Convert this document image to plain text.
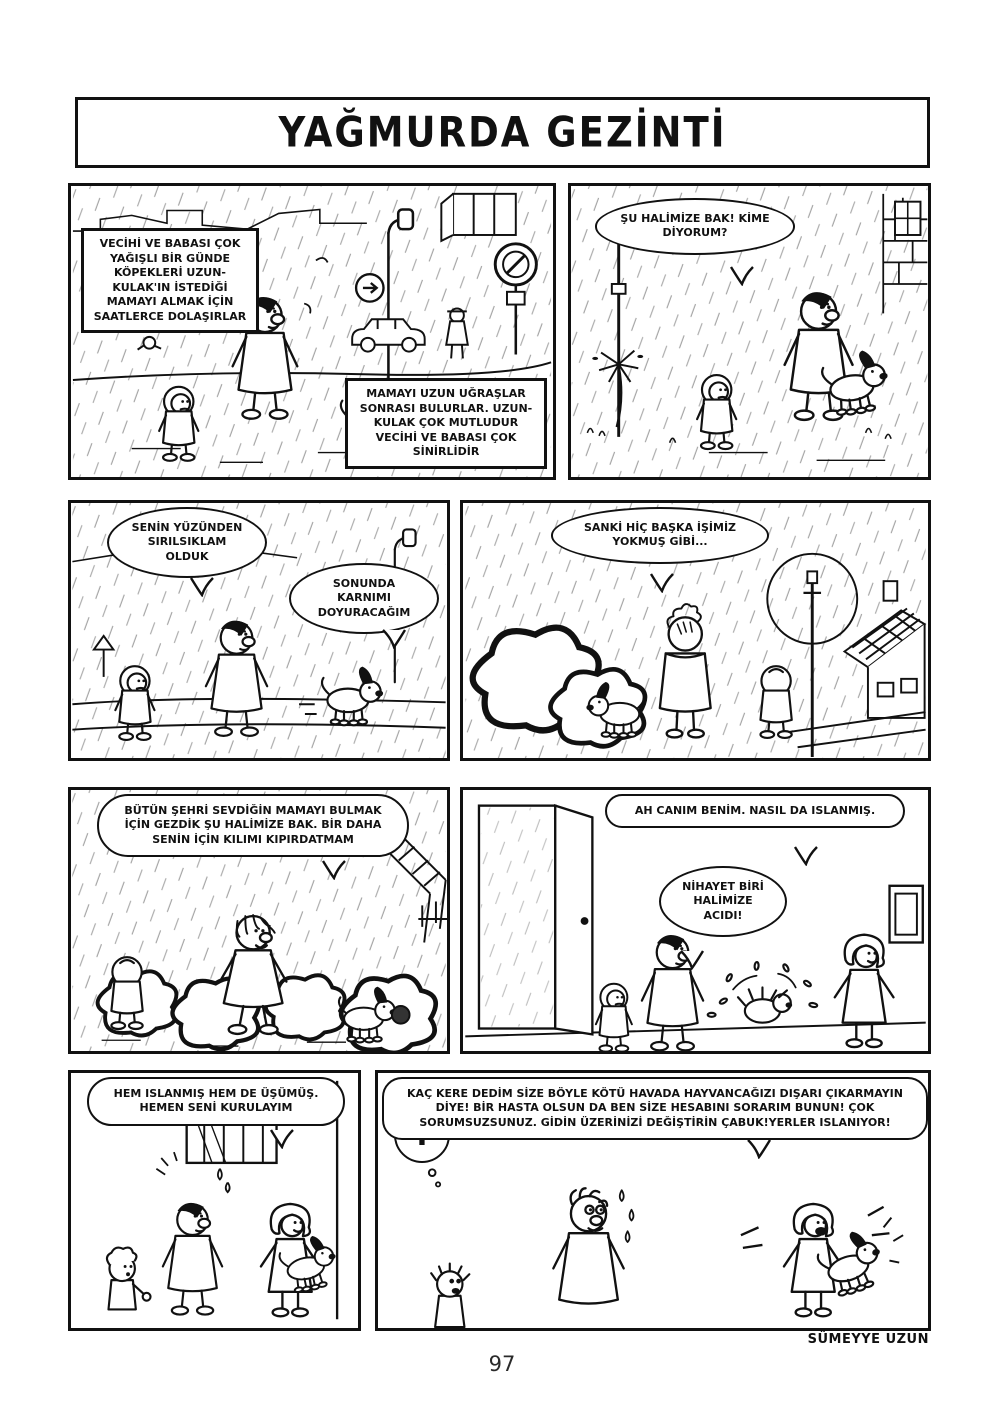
YAĞMURDA GEZİNTİ
VECİHİ VE BABASI ÇOK YAĞIŞLI BİR GÜNDE KÖPEKLERİ UZUN-KULAK'IN İSTEDİĞİ MAMAYI ALMAK İÇİN SAATLERCE DOLAŞIRLAR
MAMAYI UZUN UĞRAŞLAR SONRASI BULURLAR. UZUN-KULAK ÇOK MUTLUDUR VECİHİ VE BABASI ÇOK SİNİRLİDİR
ŞU HALİMİZE BAK! KİME DİYORUM?
SENİN YÜZÜNDEN SIRILSIKLAM OLDUK
SONUNDA KARNIMI DOYURACAĞIM
SANKİ HİÇ BAŞKA İŞİMİZ YOKMUŞ GİBİ...
BÜTÜN ŞEHRİ SEVDİĞİN MAMAYI BULMAK İÇİN GEZDİK ŞU HALİMİZE BAK. BİR DAHA SENİN İÇİN KILIMI KIPIRDATMAM
AH CANIM BENİM. NASIL DA ISLANMIŞ.
NİHAYET BİRİ HALİMİZE ACIDI!
HEM ISLANMIŞ HEM DE ÜŞÜMÜŞ. HEMEN SENİ KURULAYIM
KAÇ KERE DEDİM SİZE BÖYLE KÖTÜ HAVADA HAYVANCAĞIZI DIŞARI ÇIKARMAYIN DİYE! BİR HASTA OLSUN DA BEN SİZE HESABINI SORARIM BUNUN! ÇOK SORUMSUZSUNUZ. GİDİN ÜZERİNİZİ DEĞİŞTİRİN ÇABUK!YERLER ISLANIYOR!
SÜMEYYE UZUN
97
